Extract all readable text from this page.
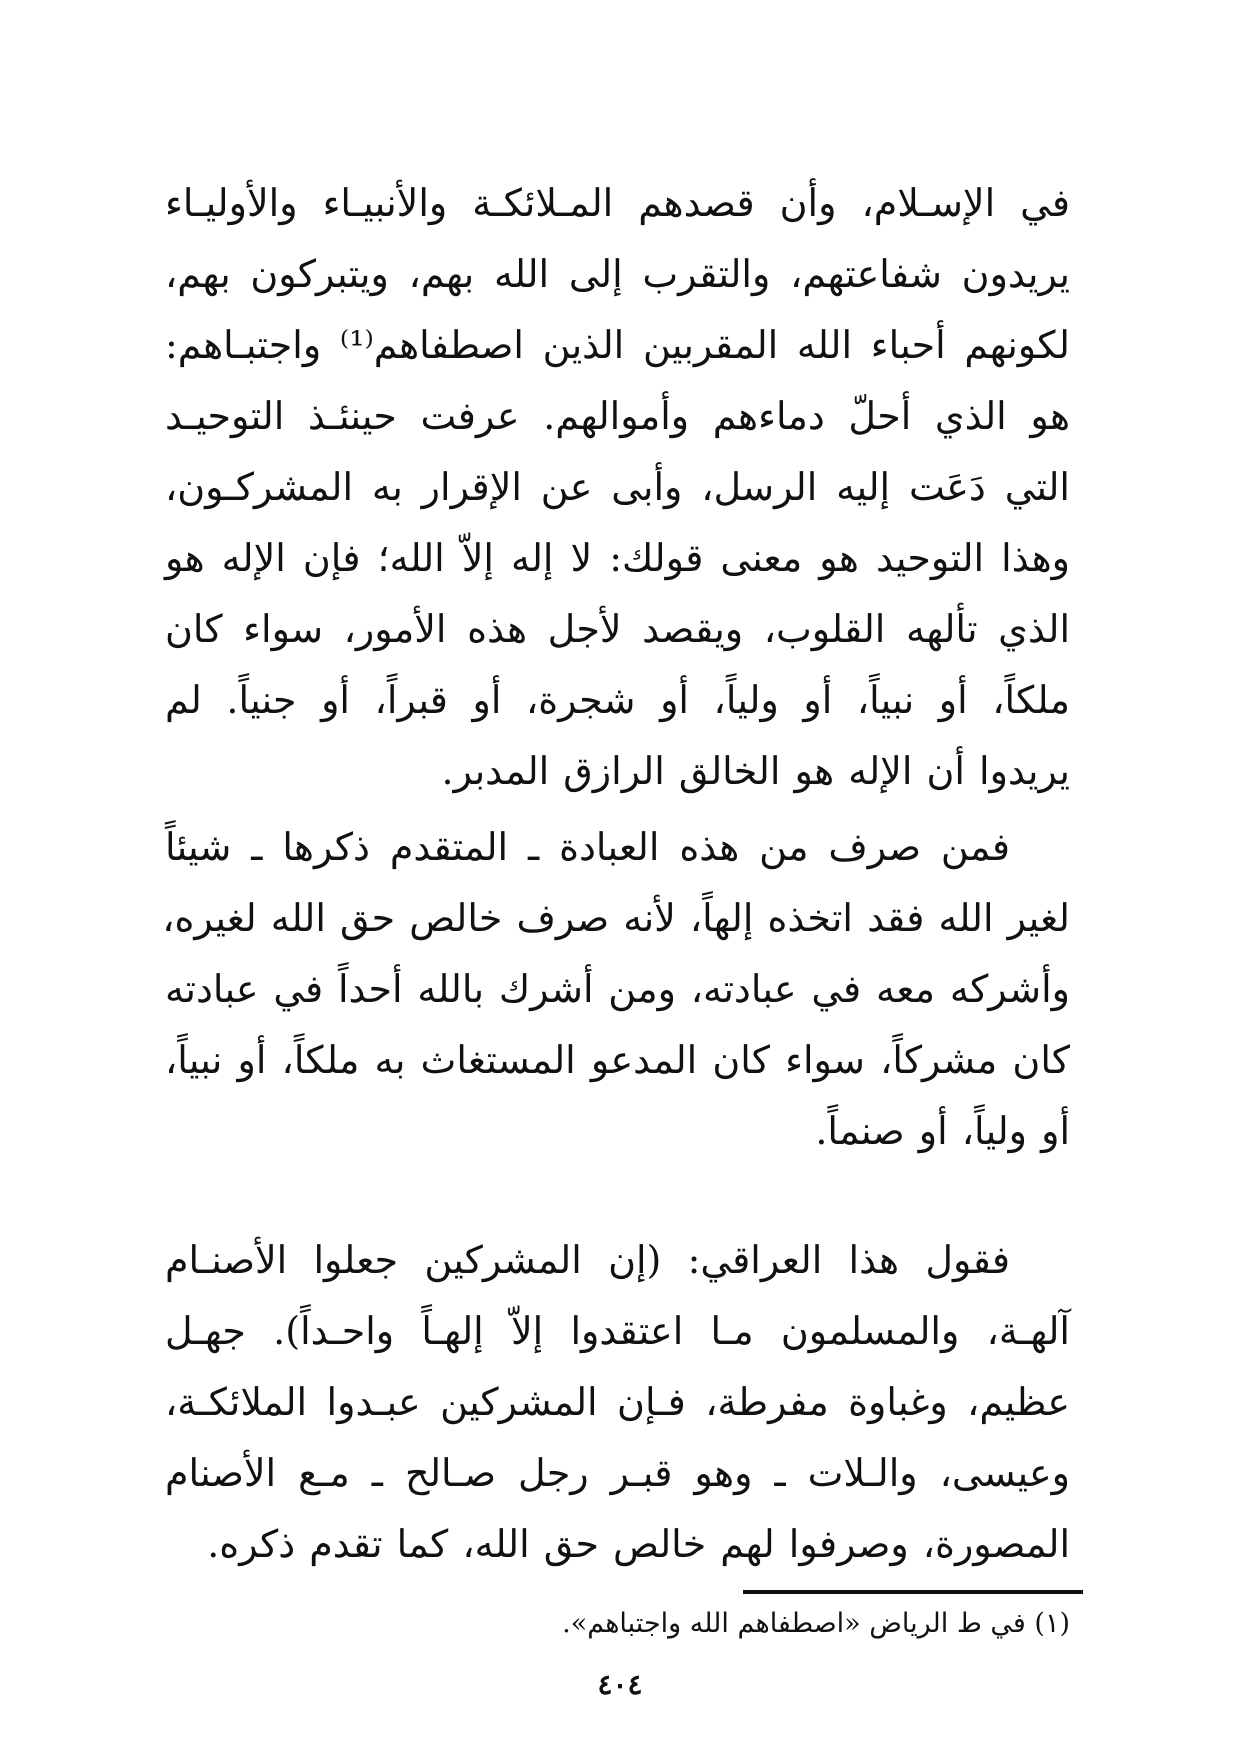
في الإسـلام، وأن قصدهم المـلائكـة والأنبيـاء والأوليـاء
يريدون شفاعتهم، والتقرب إلى الله بهم، ويتبركون بهم،
لكونهم أحباء الله المقربين الذين اصطفاهم⁽¹⁾ واجتبـاهم:
هو الذي أحلّ دماءهم وأموالهم. عرفت حينئـذ التوحيـد
التي دَعَت إليه الرسل، وأبى عن الإقرار به المشركـون،
وهذا التوحيد هو معنى قولك: لا إله إلاّ الله؛ فإن الإله هو
الذي تألهه القلوب، ويقصد لأجل هذه الأمور، سواء كان
ملكاً، أو نبياً، أو ولياً، أو شجرة، أو قبراً، أو جنياً. لم
يريدوا أن الإله هو الخالق الرازق المدبر.

فمن صرف من هذه العبادة ـ المتقدم ذكرها ـ شيئاً
لغير الله فقد اتخذه إلهاً، لأنه صرف خالص حق الله لغيره،
وأشركه معه في عبادته، ومن أشرك بالله أحداً في عبادته
كان مشركاً، سواء كان المدعو المستغاث به ملكاً، أو نبياً،
أو ولياً، أو صنماً.

فقول هذا العراقي: (إن المشركين جعلوا الأصنـام
آلهـة، والمسلمون مـا اعتقدوا إلاّ إلهـاً واحـداً). جهـل
عظيم، وغباوة مفرطة، فـإن المشركين عبـدوا الملائكـة،
وعيسى، والـلات ـ وهو قبـر رجل صـالح ـ مـع الأصنام
المصورة، وصرفوا لهم خالص حق الله، كما تقدم ذكره.

(١) في ط الرياض «اصطفاهم الله واجتباهم».

٤٠٤
